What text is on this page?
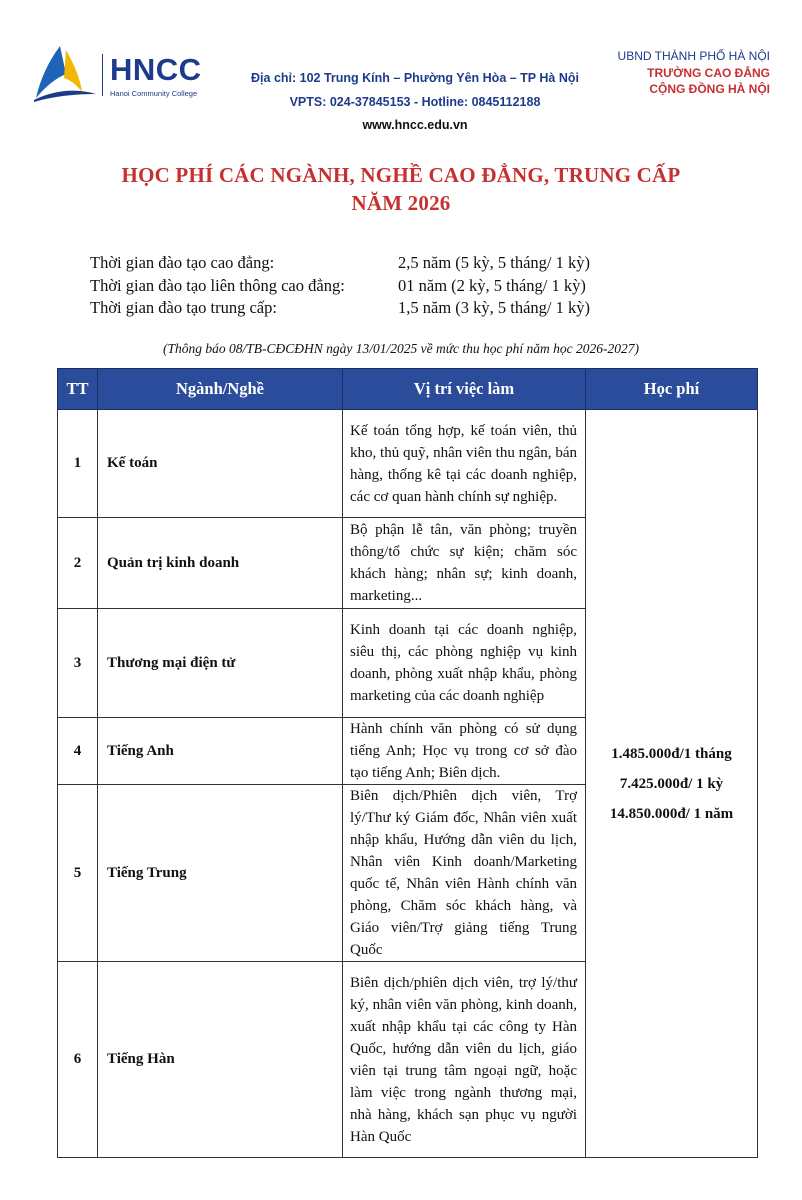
HNCC
Hanoi Community College
Địa chỉ: 102 Trung Kính – Phường Yên Hòa – TP Hà Nội
VPTS: 024-37845153 - Hotline: 0845112188
www.hncc.edu.vn
UBND THÀNH PHỐ HÀ NỘI
TRƯỜNG CAO ĐẲNG
CỘNG ĐỒNG HÀ NỘI
HỌC PHÍ CÁC NGÀNH, NGHỀ CAO ĐẲNG, TRUNG CẤP
NĂM 2026
Thời gian đào tạo cao đẳng:	2,5 năm (5 kỳ, 5 tháng/ 1 kỳ)
Thời gian đào tạo liên thông cao đẳng:	01 năm (2 kỳ, 5 tháng/ 1 kỳ)
Thời gian đào tạo trung cấp:	1,5 năm (3 kỳ, 5 tháng/ 1 kỳ)
(Thông báo 08/TB-CĐCĐHN ngày 13/01/2025 về mức thu học phí năm học 2026-2027)
TT	Ngành/Nghề	Vị trí việc làm	Học phí
1	Kế toán	Kế toán tổng hợp, kế toán viên, thủ kho, thủ quỹ, nhân viên thu ngân, bán hàng, thống kê tại các doanh nghiệp, các cơ quan hành chính sự nghiệp.	1.485.000đ/1 tháng
7.425.000đ/ 1 kỳ
14.850.000đ/ 1 năm

2	Quản trị kinh doanh	Bộ phận lễ tân, văn phòng; truyền thông/tổ chức sự kiện; chăm sóc khách hàng; nhân sự; kinh doanh, marketing...	
3	Thương mại điện tử	Kinh doanh tại các doanh nghiệp, siêu thị, các phòng nghiệp vụ kinh doanh, phòng xuất nhập khẩu, phòng marketing của các doanh nghiệp	
4	Tiếng Anh	Hành chính văn phòng có sử dụng tiếng Anh; Học vụ trong cơ sở đào tạo tiếng Anh; Biên dịch.	
5	Tiếng Trung	Biên dịch/Phiên dịch viên, Trợ lý/Thư ký Giám đốc, Nhân viên xuất nhập khẩu, Hướng dẫn viên du lịch, Nhân viên Kinh doanh/Marketing quốc tế, Nhân viên Hành chính văn phòng, Chăm sóc khách hàng, và Giáo viên/Trợ giảng tiếng Trung Quốc	
6	Tiếng Hàn	Biên dịch/phiên dịch viên, trợ lý/thư ký, nhân viên văn phòng, kinh doanh, xuất nhập khẩu tại các công ty Hàn Quốc, hướng dẫn viên du lịch, giáo viên tại trung tâm ngoại ngữ, hoặc làm việc trong ngành thương mại, nhà hàng, khách sạn phục vụ người Hàn Quốc	
